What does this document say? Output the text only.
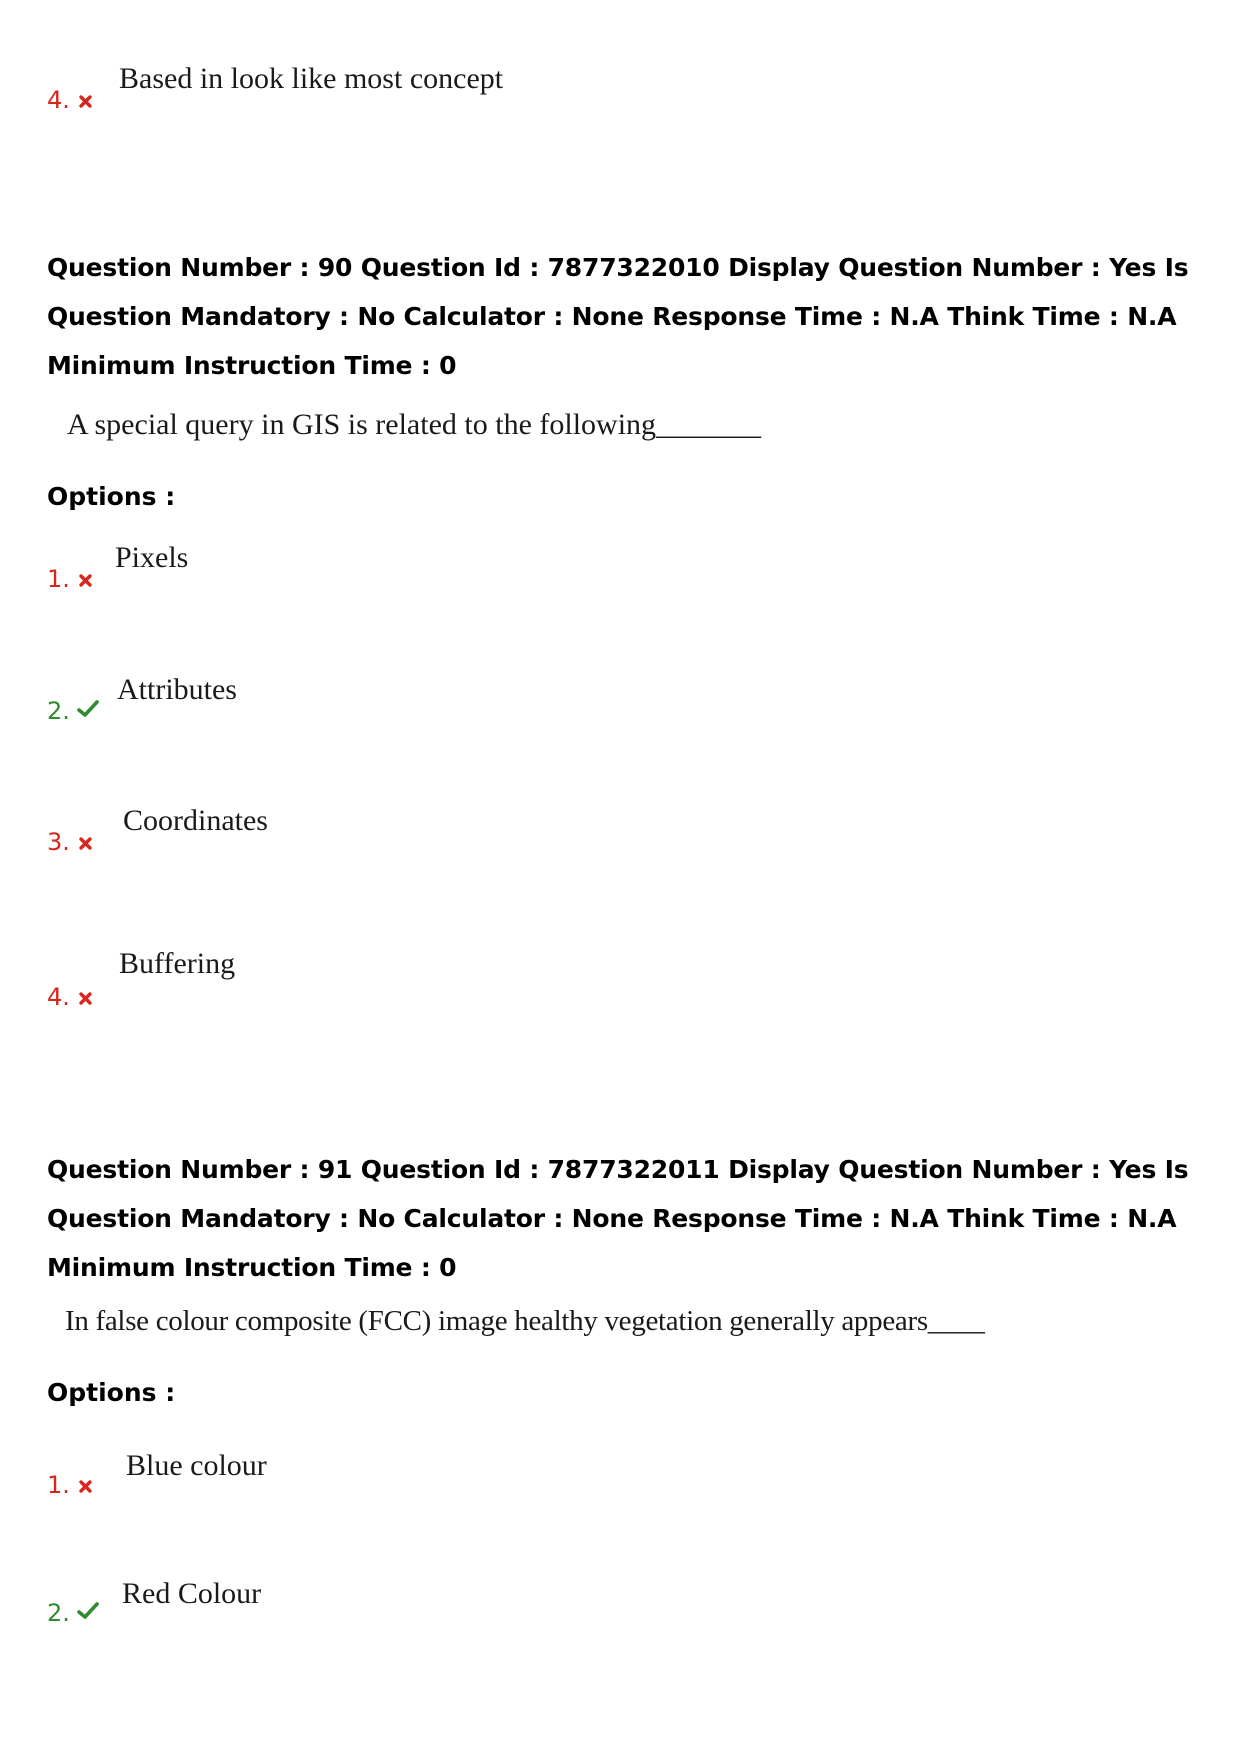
4.
Based in look like most concept

Question Number : 90 Question Id : 7877322010 Display Question Number : Yes Is Question Mandatory : No Calculator : None Response Time : N.A Think Time : N.A Minimum Instruction Time : 0

A special query in GIS is related to the following_______

Options :

1.
Pixels
2.
Attributes
3.
Coordinates
4.
Buffering

Question Number : 91 Question Id : 7877322011 Display Question Number : Yes Is Question Mandatory : No Calculator : None Response Time : N.A Think Time : N.A Minimum Instruction Time : 0

In false colour composite (FCC) image healthy vegetation generally appears____

Options :

1.
Blue colour
2.
Red Colour
